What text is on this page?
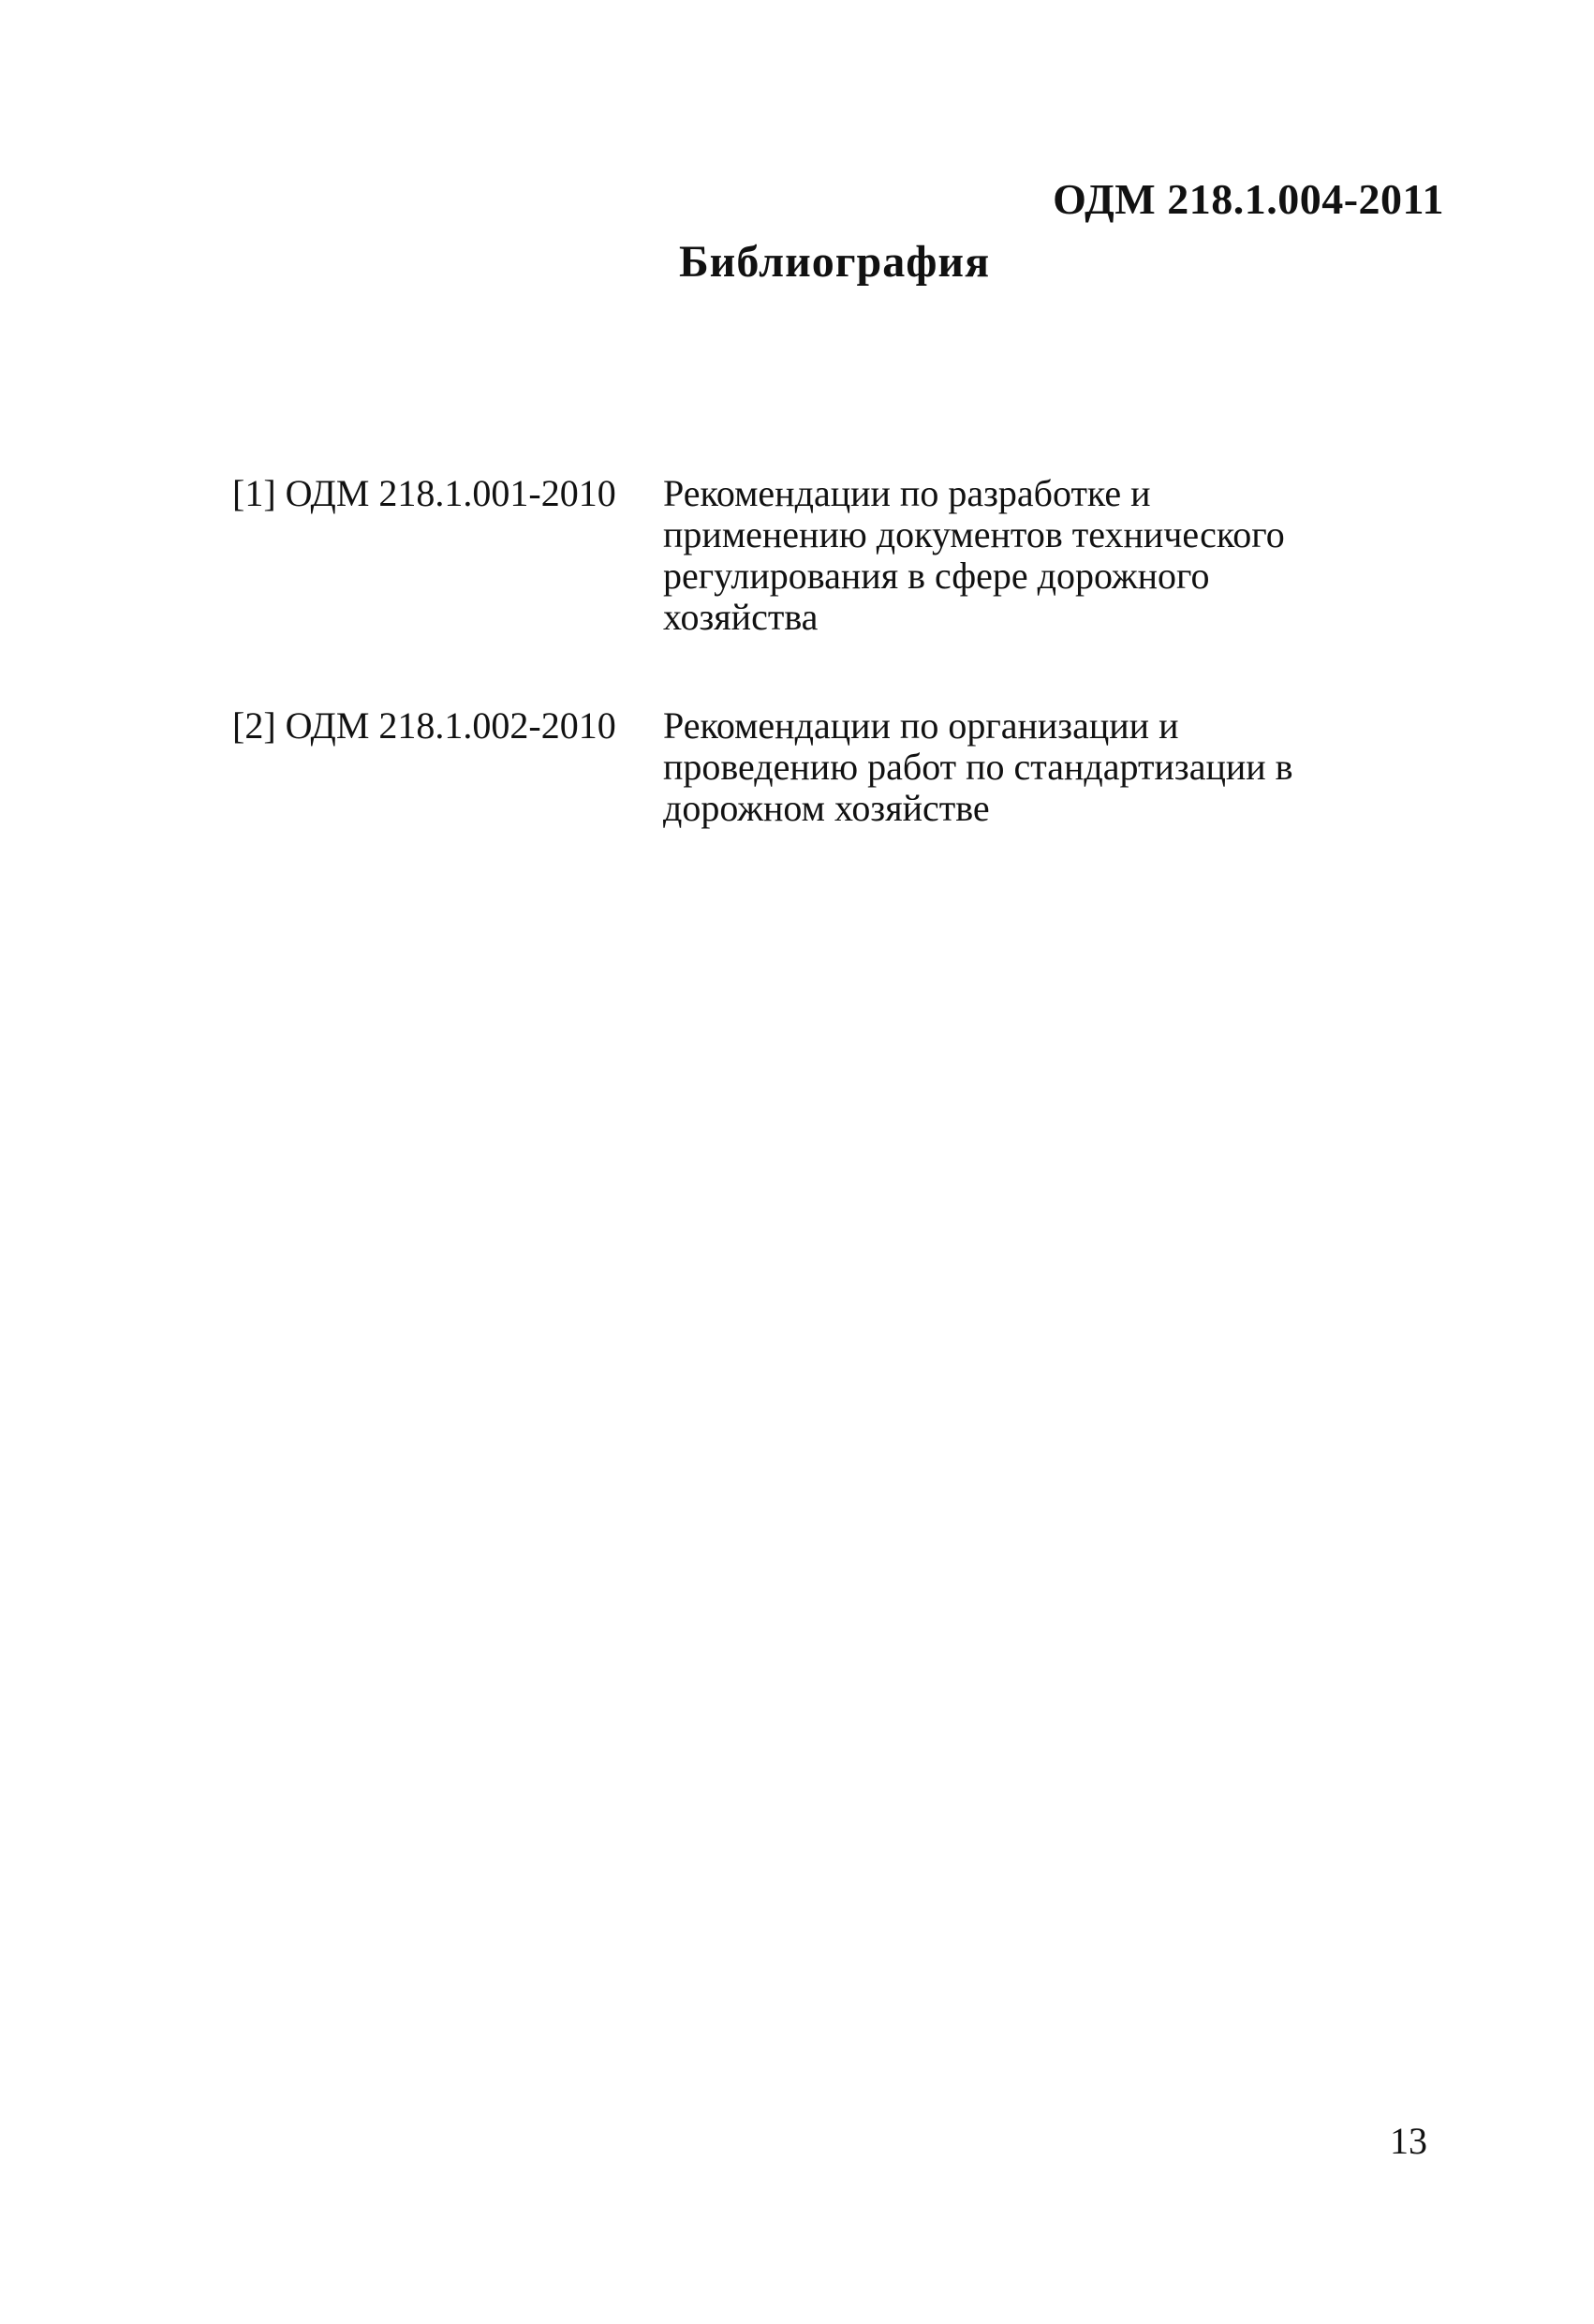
ОДМ 218.1.004-2011
Библиография
[1] ОДМ 218.1.001-2010	Рекомендации по разработке и
применению документов технического
регулирования в сфере дорожного
хозяйства
[2] ОДМ 218.1.002-2010	Рекомендации по организации и
проведению работ по стандартизации в
дорожном хозяйстве
13
